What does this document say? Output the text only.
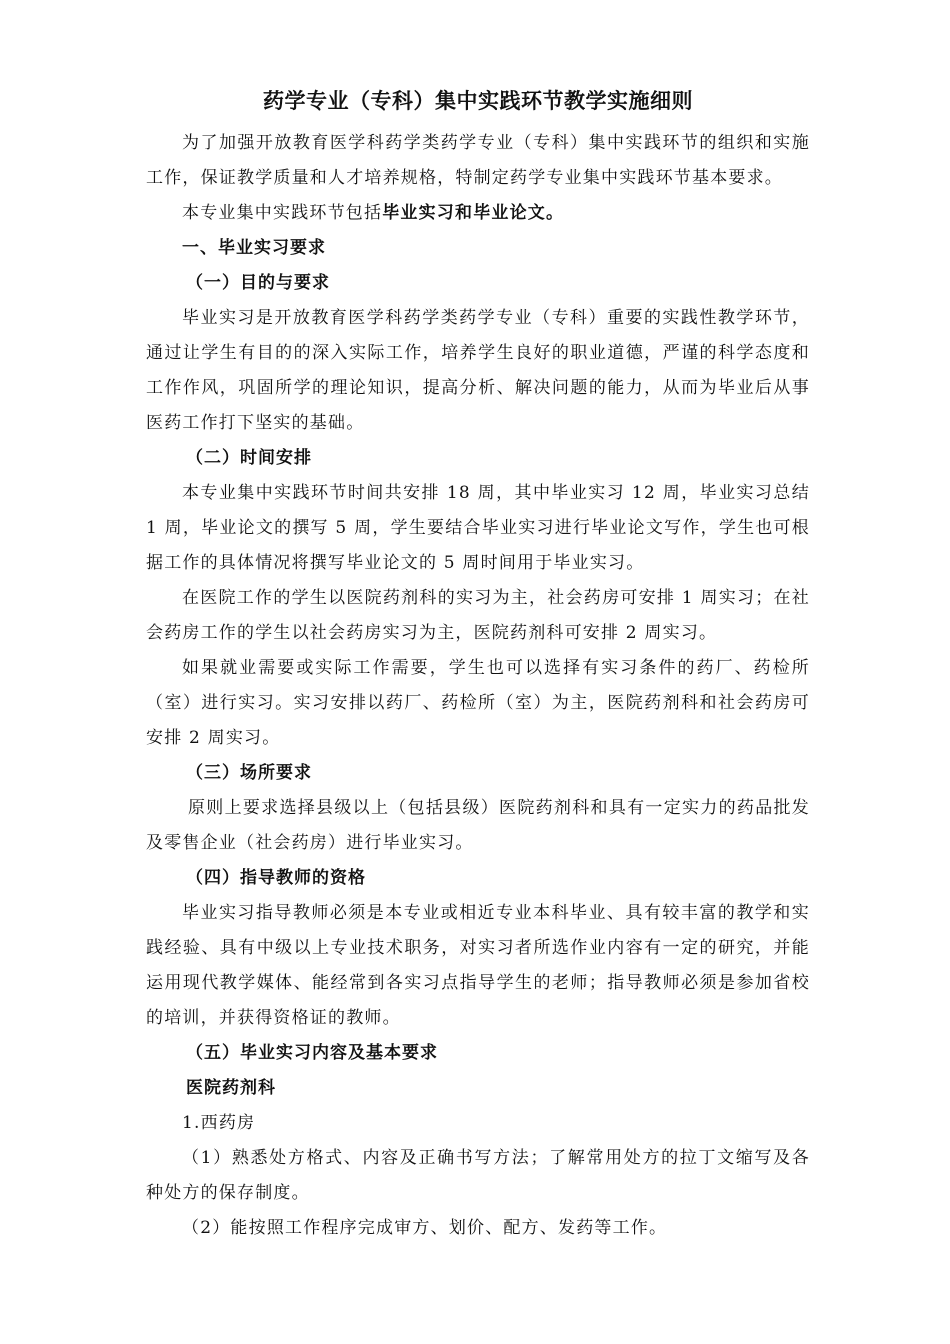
药学专业（专科）集中实践环节教学实施细则

为了加强开放教育医学科药学类药学专业（专科）集中实践环节的组织和实施工作，保证教学质量和人才培养规格，特制定药学专业集中实践环节基本要求。

本专业集中实践环节包括毕业实习和毕业论文。

一、毕业实习要求
（一）目的与要求

毕业实习是开放教育医学科药学类药学专业（专科）重要的实践性教学环节，通过让学生有目的的深入实际工作，培养学生良好的职业道德，严谨的科学态度和工作作风，巩固所学的理论知识，提高分析、解决问题的能力，从而为毕业后从事医药工作打下坚实的基础。

（二）时间安排

本专业集中实践环节时间共安排 18 周，其中毕业实习 12 周，毕业实习总结 1 周，毕业论文的撰写 5 周，学生要结合毕业实习进行毕业论文写作，学生也可根据工作的具体情况将撰写毕业论文的 5 周时间用于毕业实习。

在医院工作的学生以医院药剂科的实习为主，社会药房可安排 1 周实习；在社会药房工作的学生以社会药房实习为主，医院药剂科可安排 2 周实习。

如果就业需要或实际工作需要，学生也可以选择有实习条件的药厂、药检所（室）进行实习。实习安排以药厂、药检所（室）为主，医院药剂科和社会药房可安排 2 周实习。

（三）场所要求

原则上要求选择县级以上（包括县级）医院药剂科和具有一定实力的药品批发及零售企业（社会药房）进行毕业实习。

（四）指导教师的资格

毕业实习指导教师必须是本专业或相近专业本科毕业、具有较丰富的教学和实践经验、具有中级以上专业技术职务，对实习者所选作业内容有一定的研究，并能运用现代教学媒体、能经常到各实习点指导学生的老师；指导教师必须是参加省校的培训，并获得资格证的教师。

（五）毕业实习内容及基本要求
医院药剂科

1.西药房

（1）熟悉处方格式、内容及正确书写方法；了解常用处方的拉丁文缩写及各种处方的保存制度。

（2）能按照工作程序完成审方、划价、配方、发药等工作。
